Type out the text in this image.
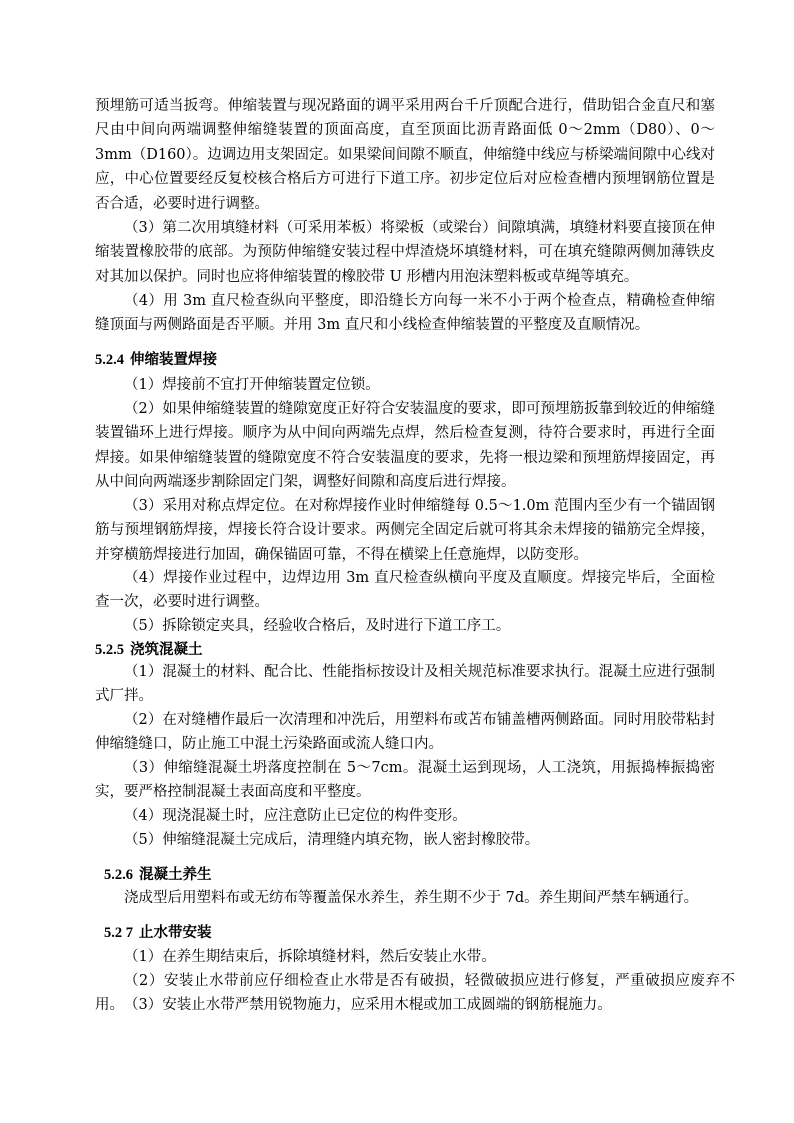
预埋筋可适当扳弯。伸缩装置与现况路面的调平采用两台千斤顶配合进行，借助铝合金直尺和塞尺由中间向两端调整伸缩缝装置的顶面高度，直至顶面比沥青路面低 0～2mm（D80）、0～3mm（D160）。边调边用支架固定。如果梁间间隙不顺直，伸缩缝中线应与桥梁端间隙中心线对应，中心位置要经反复校核合格后方可进行下道工序。初步定位后对应检查槽内预埋钢筋位置是否合适，必要时进行调整。
（3）第二次用填缝材料（可采用苯板）将梁板（或梁台）间隙填满，填缝材料要直接顶在伸缩装置橡胶带的底部。为预防伸缩缝安装过程中焊渣烧坏填缝材料，可在填充缝隙两侧加薄铁皮对其加以保护。同时也应将伸缩装置的橡胶带 U 形槽内用泡沫塑料板或草绳等填充。
（4）用 3m 直尺检查纵向平整度，即沿缝长方向每一米不小于两个检查点，精确检查伸缩缝顶面与两侧路面是否平顺。并用 3m 直尺和小线检查伸缩装置的平整度及直顺情况。
5.2.4 伸缩装置焊接
（1）焊接前不宜打开伸缩装置定位锁。
（2）如果伸缩缝装置的缝隙宽度正好符合安装温度的要求，即可预埋筋扳靠到较近的伸缩缝装置锚环上进行焊接。顺序为从中间向两端先点焊，然后检查复测，待符合要求时，再进行全面焊接。如果伸缩缝装置的缝隙宽度不符合安装温度的要求，先将一根边梁和预埋筋焊接固定，再从中间向两端逐步割除固定门架，调整好间隙和高度后进行焊接。
（3）采用对称点焊定位。在对称焊接作业时伸缩缝每 0.5～1.0m 范围内至少有一个锚固钢筋与预埋钢筋焊接，焊接长符合设计要求。两侧完全固定后就可将其余未焊接的锚筋完全焊接，并穿横筋焊接进行加固，确保锚固可靠，不得在横梁上任意施焊，以防变形。
（4）焊接作业过程中，边焊边用 3m 直尺检查纵横向平度及直顺度。焊接完毕后，全面检查一次，必要时进行调整。
（5）拆除锁定夹具，经验收合格后，及时进行下道工序工。
5.2.5 浇筑混凝土
（1）混凝土的材料、配合比、性能指标按设计及相关规范标准要求执行。混凝土应进行强制式厂拌。
（2）在对缝槽作最后一次清理和冲洗后，用塑料布或苫布铺盖槽两侧路面。同时用胶带粘封伸缩缝缝口，防止施工中混土污染路面或流人缝口内。
（3）伸缩缝混凝土坍落度控制在 5～7cm。混凝土运到现场，人工浇筑，用振捣棒振捣密实，要严格控制混凝土表面高度和平整度。
（4）现浇混凝土时，应注意防止已定位的构件变形。
（5）伸缩缝混凝土完成后，清理缝内填充物，嵌人密封橡胶带。
5.2.6 混凝土养生
浇成型后用塑料布或无纺布等覆盖保水养生，养生期不少于 7d。养生期间严禁车辆通行。
5.2 7 止水带安装
（1）在养生期结束后，拆除填缝材料，然后安装止水带。
（2）安装止水带前应仔细检查止水带是否有破损，轻微破损应进行修复，严重破损应废弃不用。 （3）安装止水带严禁用锐物施力，应采用木棍或加工成圆端的钢筋棍施力。
